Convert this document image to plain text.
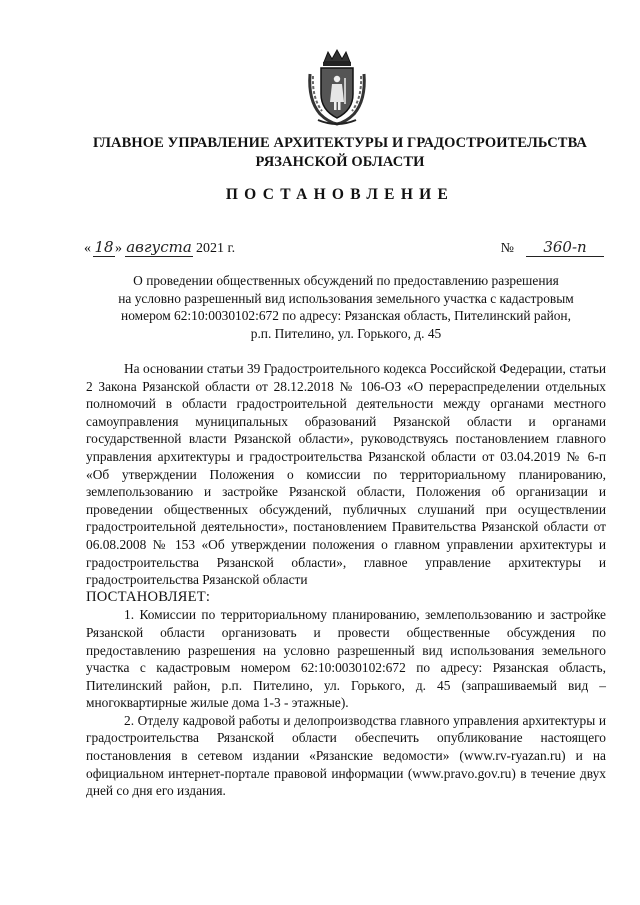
ГЛАВНОЕ УПРАВЛЕНИЕ АРХИТЕКТУРЫ И ГРАДОСТРОИТЕЛЬСТВА
РЯЗАНСКОЙ ОБЛАСТИ
ПОСТАНОВЛЕНИЕ
« 18» августа 2021 г.	№ 360-п
О проведении общественных обсуждений по предоставлению разрешения
на условно разрешенный вид использования земельного участка с кадастровым
номером 62:10:0030102:672 по адресу: Рязанская область, Пителинский район,
р.п. Пителино, ул. Горького, д. 45

На основании статьи 39 Градостроительного кодекса Российской Федерации, статьи 2 Закона Рязанской области от 28.12.2018 № 106-ОЗ «О перераспределении отдельных полномочий в области градостроительной деятельности между органами местного самоуправления муниципальных образований Рязанской области и органами государственной власти Рязанской области», руководствуясь постановлением главного управления архитектуры и градостроительства Рязанской области от 03.04.2019 № 6-п «Об утверждении Положения о комиссии по территориальному планированию, землепользованию и застройке Рязанской области, Положения об организации и проведении общественных обсуждений, публичных слушаний при осуществлении градостроительной деятельности», постановлением Правительства Рязанской области от 06.08.2008 № 153 «Об утверждении положения о главном управлении архитектуры и градостроительства Рязанской области», главное управление архитектуры и градостроительства Рязанской области

ПОСТАНОВЛЯЕТ:

1. Комиссии по территориальному планированию, землепользованию и застройке Рязанской области организовать и провести общественные обсуждения по предоставлению разрешения на условно разрешенный вид использования земельного участка с кадастровым номером 62:10:0030102:672 по адресу: Рязанская область, Пителинский район, р.п. Пителино, ул. Горького, д. 45 (запрашиваемый вид – многоквартирные жилые дома 1-3 - этажные).

2. Отделу кадровой работы и делопроизводства главного управления архитектуры и градостроительства Рязанской области обеспечить опубликование настоящего постановления в сетевом издании «Рязанские ведомости» (www.rv-ryazan.ru) и на официальном интернет-портале правовой информации (www.pravo.gov.ru) в течение двух дней со дня его издания.
